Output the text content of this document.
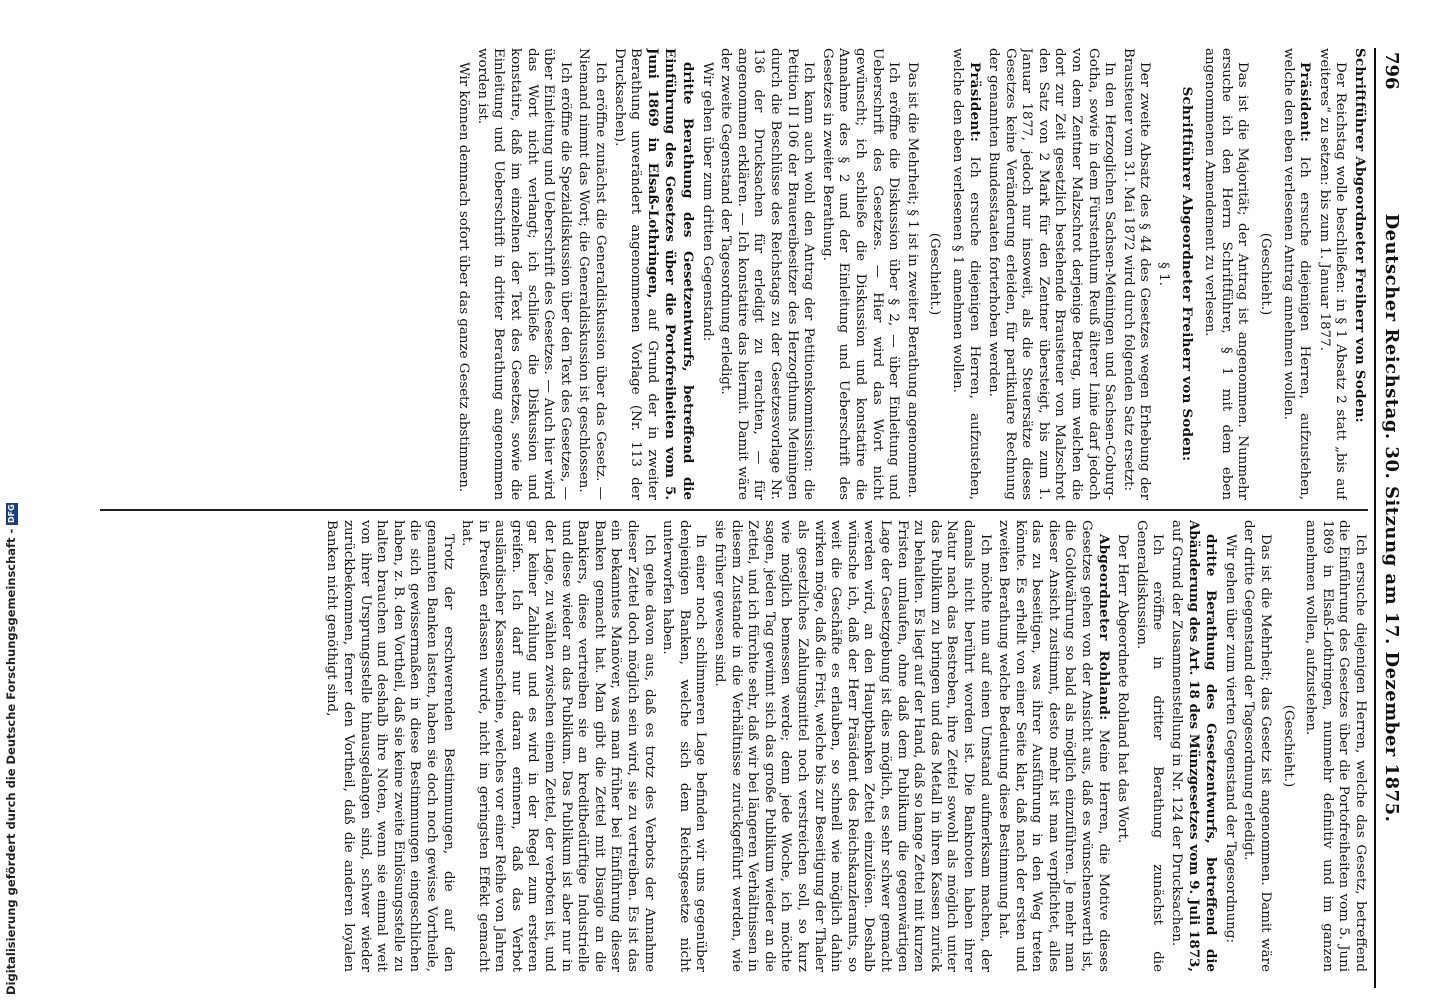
796
Deutscher Reichstag. 30. Sitzung am 17. Dezember 1875.

Schriftführer Abgeordneter Freiherr von Soden:

Der Reichstag wolle beschließen: in § 1 Absatz 2 statt „bis auf weiteres“ zu setzen: bis zum 1. Januar 1877.

Präsident: Ich ersuche diejenigen Herren, aufzustehen, welche den eben verlesenen Antrag annehmen wollen.

(Geschieht.)

Das ist die Majorität; der Antrag ist angenommen. Nunmehr ersuche ich den Herrn Schriftführer, § 1 mit dem eben angenommenen Amendement zu verlesen.

Schriftführer Abgeordneter Freiherr von Soden:

§ 1.

Der zweite Absatz des § 44 des Gesetzes wegen Erhebung der Brausteuer vom 31. Mai 1872 wird durch folgenden Satz ersetzt:

In den Herzoglichen Sachsen-Meiningen und Sachsen-Coburg-Gotha, sowie in dem Fürstenthum Reuß älterer Linie darf jedoch von dem Zentner Malzschrot derjenige Betrag, um welchen die dort zur Zeit gesetzlich bestehende Brausteuer von Malzschrot den Satz von 2 Mark für den Zentner übersteigt, bis zum 1. Januar 1877, jedoch nur insoweit, als die Steuersätze dieses Gesetzes keine Veränderung erleiden, für partikulare Rechnung der genannten Bundesstaaten forterhoben werden.

Präsident: Ich ersuche diejenigen Herren, aufzustehen, welche den eben verlesenen § 1 annehmen wollen.

(Geschieht.)

Das ist die Mehrheit; § 1 ist in zweiter Berathung angenommen.

Ich eröffne die Diskussion über § 2, — über Einleitung und Ueberschrift des Gesetzes. — Hier wird das Wort nicht gewünscht; ich schließe die Diskussion und konstatire die Annahme des § 2 und der Einleitung und Ueberschrift des Gesetzes in zweiter Berathung.

Ich kann auch wohl den Antrag der Petitionskommission: die Petition II 106 der Brauereibesitzer des Herzogthums Meiningen durch die Beschlüsse des Reichstags zu der Gesetzesvorlage Nr. 136 der Drucksachen für erledigt zu erachten, — für angenommen erklären. — Ich konstatire das hiermit. Damit wäre der zweite Gegenstand der Tagesordnung erledigt.

Wir gehen über zum dritten Gegenstand:

dritte Berathung des Gesetzentwurfs, betreffend die Einführung des Gesetzes über die Portofreiheiten vom 5. Juni 1869 in Elsaß-Lothringen, auf Grund der in zweiter Berathung unverändert angenommenen Vorlage (Nr. 113 der Drucksachen).

Ich eröffne zunächst die Generaldiskussion über das Gesetz. — Niemand nimmt das Wort; die Generaldiskussion ist geschlossen.

Ich eröffne die Spezialdiskussion über den Text des Gesetzes, — über Einleitung und Ueberschrift des Gesetzes. — Auch hier wird das Wort nicht verlangt; ich schließe die Diskussion und konstatire, daß im einzelnen der Text des Gesetzes, sowie die Einleitung und Ueberschrift in dritter Berathung angenommen worden ist.

Wir können demnach sofort über das ganze Gesetz abstimmen.

Ich ersuche diejenigen Herren, welche das Gesetz, betreffend die Einführung des Gesetzes über die Portofreiheiten vom 5. Juni 1869 in Elsaß-Lothringen, nunmehr definitiv und im ganzen annehmen wollen, aufzustehen.

(Geschieht.)

Das ist die Mehrheit; das Gesetz ist angenommen. Damit wäre der dritte Gegenstand der Tagesordnung erledigt.

Wir gehen über zum vierten Gegenstand der Tagesordnung:

dritte Berathung des Gesetzentwurfs, betreffend die Abänderung des Art. 18 des Münzgesetzes vom 9. Juli 1873, auf Grund der Zusammenstellung in Nr. 124 der Drucksachen.

Ich eröffne in dritter Berathung zunächst die Generaldiskussion.

Der Herr Abgeordnete Rohland hat das Wort.

Abgeordneter Rohland: Meine Herren, die Motive dieses Gesetzes gehen von der Ansicht aus, daß es wünschenswerth ist, die Goldwährung so bald als möglich einzuführen. Je mehr man dieser Ansicht zustimmt, desto mehr ist man verpflichtet, alles das zu beseitigen, was ihrer Ausführung in den Weg treten könnte. Es erhellt von einer Seite klar, daß nach der ersten und zweiten Berathung welche Bedeutung diese Bestimmung hat.

Ich möchte nun auf einen Umstand aufmerksam machen, der damals nicht berührt worden ist. Die Banknoten haben ihrer Natur nach das Bestreben, ihre Zettel sowohl als möglich unter das Publikum zu bringen und das Metall in ihren Kassen zurück zu behalten. Es liegt auf der Hand, daß so lange Zettel mit kurzen Fristen umlaufen, ohne daß dem Publikum die gegenwärtigen Lage der Gesetzgebung ist dies möglich, es sehr schwer gemacht werden wird, an den Hauptbanken Zettel einzulösen. Deshalb wünsche ich, daß der Herr Präsident des Reichskanzleramts, so weit die Geschäfte es erlauben, so schnell wie möglich dahin wirken möge, daß die Frist, welche bis zur Beseitigung der Thaler als gesetzliches Zahlungsmittel noch verstreichen soll, so kurz wie möglich bemessen werde; denn jede Woche, ich möchte sagen, jeden Tag gewinnt sich das große Publikum wieder an die Zettel, und ich fürchte sehr, daß wir bei längeren Verhältnissen in diesem Zustande in die Verhältnisse zurückgeführt werden, wie sie früher gewesen sind.

In einer noch schlimmeren Lage befinden wir uns gegenüber denjenigen Banken, welche sich dem Reichsgesetze nicht unterworfen haben.

Ich gehe davon aus, daß es trotz des Verbots der Annahme dieser Zettel doch möglich sein wird, sie zu vertreiben. Es ist das ein bekanntes Manöver, was man früher bei Einführung dieser Banken gemacht hat. Man gibt die Zettel mit Disagio an die Bankiers, diese vertreiben sie an kreditbedürftige Industrielle und diese wieder an das Publikum. Das Publikum ist aber nur in der Lage, zu wählen zwischen einem Zettel, der verboten ist, und gar keiner Zahlung und es wird in der Regel zum ersteren greifen. Ich darf nur daran erinnern, daß das Verbot ausländischer Kassenscheine, welches vor einer Reihe von Jahren in Preußen erlassen wurde, nicht im geringsten Effekt gemacht hat.

Trotz der erschwerenden Bestimmungen, die auf den genannten Banken lasten, haben sie doch noch gewisse Vortheile, die sich gewissermaßen in diese Bestimmungen eingeschlichen haben, z. B. den Vortheil, daß sie keine zweite Einlösungsstelle zu halten brauchen und deshalb ihre Noten, wenn sie einmal weit von ihrer Ursprungsstelle hinausgelangen sind, schwer wieder zurückbekommen, ferner den Vortheil, daß die anderen loyalen Banken nicht genöthigt sind,

Digitalisierung gefördert durch die Deutsche Forschungsgemeinschaft - DFG
